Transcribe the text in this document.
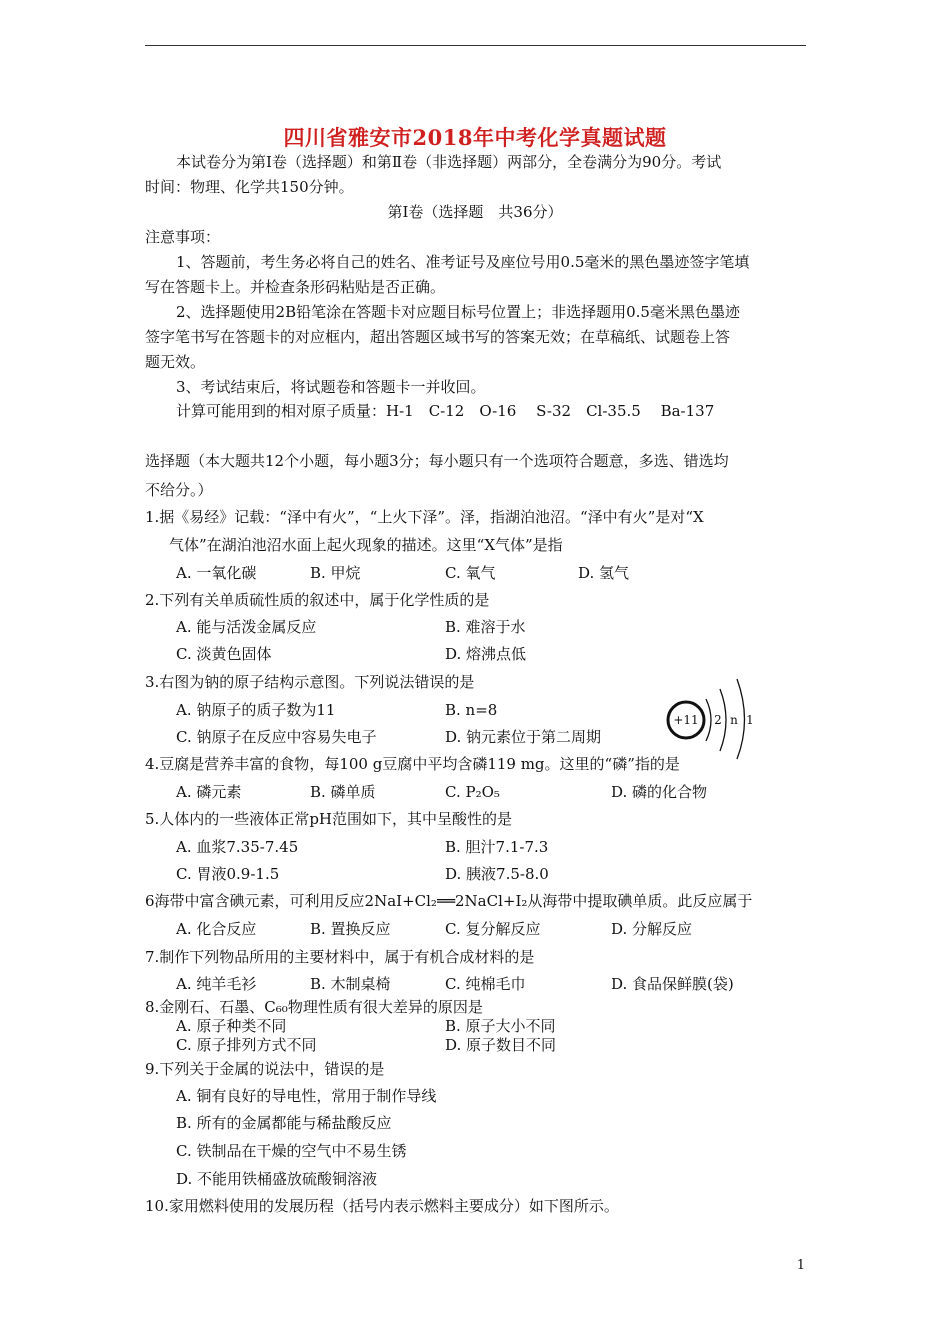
四川省雅安市2018年中考化学真题试题
本试卷分为第Ⅰ卷（选择题）和第Ⅱ卷（非选择题）两部分，全卷满分为90分。考试
时间：物理、化学共150分钟。
第Ⅰ卷（选择题　共36分）
注意事项：
1、答题前，考生务必将自己的姓名、准考证号及座位号用0.5毫米的黑色墨迹签字笔填
写在答题卡上。并检查条形码粘贴是否正确。
2、选择题使用2B铅笔涂在答题卡对应题目标号位置上；非选择题用0.5毫米黑色墨迹
签字笔书写在答题卡的对应框内，超出答题区域书写的答案无效；在草稿纸、试题卷上答
题无效。
3、考试结束后，将试题卷和答题卡一并收回。
计算可能用到的相对原子质量：H-1　C-12　O-16　 S-32　Cl-35.5　 Ba-137
选择题（本大题共12个小题，每小题3分；每小题只有一个选项符合题意，多选、错选均
不给分。）
1.据《易经》记载：“泽中有火”，“上火下泽”。泽，指湖泊池沼。“泽中有火”是对“X
气体”在湖泊池沼水面上起火现象的描述。这里“X气体”是指
A. 一氧化碳	B. 甲烷	C. 氧气	D. 氢气
2.下列有关单质硫性质的叙述中，属于化学性质的是
A. 能与活泼金属反应	B. 难溶于水
C. 淡黄色固体	D. 熔沸点低
3.右图为钠的原子结构示意图。下列说法错误的是
A. 钠原子的质子数为11	B. n=8
C. 钠原子在反应中容易失电子	D. 钠元素位于第二周期
+11 2 n 1
4.豆腐是营养丰富的食物，每100 g豆腐中平均含磷119 mg。这里的“磷”指的是
A. 磷元素	B. 磷单质	C. P₂O₅	D. 磷的化合物
5.人体内的一些液体正常pH范围如下，其中呈酸性的是
A. 血浆7.35-7.45	B. 胆汁7.1-7.3
C. 胃液0.9-1.5	D. 胰液7.5-8.0
6海带中富含碘元素，可利用反应2NaI+Cl₂══2NaCl+I₂从海带中提取碘单质。此反应属于
A. 化合反应	B. 置换反应	C. 复分解反应	D. 分解反应
7.制作下列物品所用的主要材料中，属于有机合成材料的是
A. 纯羊毛衫	B. 木制桌椅	C. 纯棉毛巾	D. 食品保鲜膜(袋)
8.金刚石、石墨、C₆₀物理性质有很大差异的原因是
A. 原子种类不同	B. 原子大小不同
C. 原子排列方式不同	D. 原子数目不同
9.下列关于金属的说法中，错误的是
A. 铜有良好的导电性，常用于制作导线
B. 所有的金属都能与稀盐酸反应
C. 铁制品在干燥的空气中不易生锈
D. 不能用铁桶盛放硫酸铜溶液
10.家用燃料使用的发展历程（括号内表示燃料主要成分）如下图所示。
1
